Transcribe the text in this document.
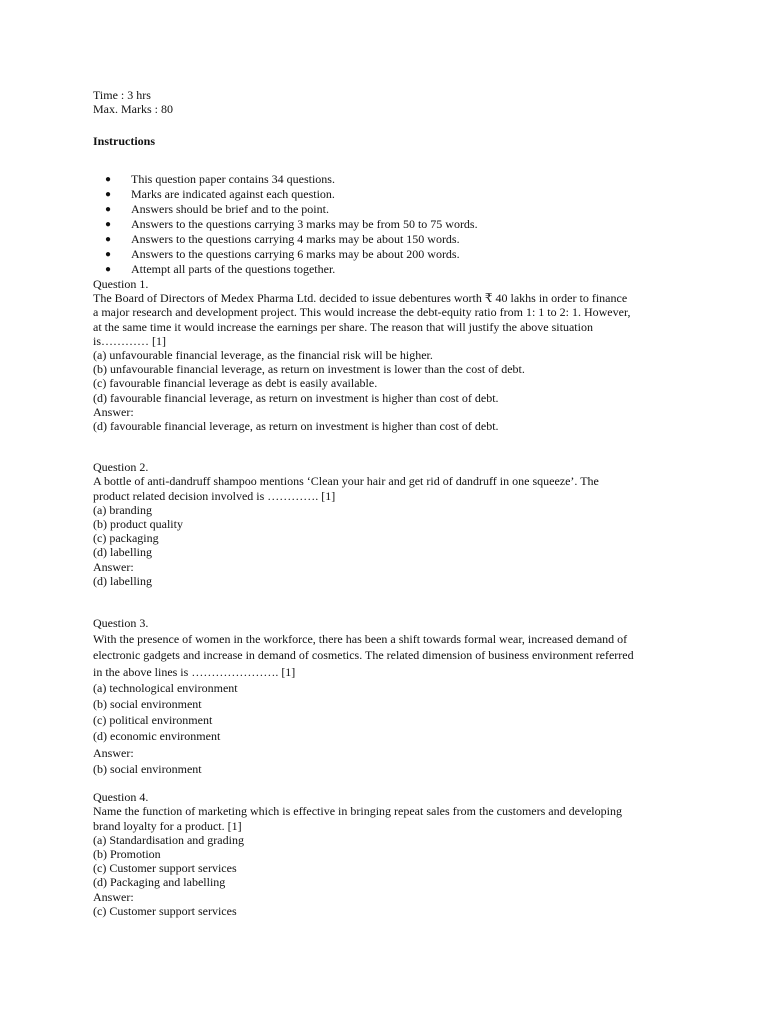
Time : 3 hrs
Max. Marks : 80
Instructions
● This question paper contains 34 questions.
● Marks are indicated against each question.
● Answers should be brief and to the point.
● Answers to the questions carrying 3 marks may be from 50 to 75 words.
● Answers to the questions carrying 4 marks may be about 150 words.
● Answers to the questions carrying 6 marks may be about 200 words.
● Attempt all parts of the questions together.
Question 1.
The Board of Directors of Medex Pharma Ltd. decided to issue debentures worth ₹ 40 lakhs in order to finance
a major research and development project. This would increase the debt-equity ratio from 1: 1 to 2: 1. However,
at the same time it would increase the earnings per share. The reason that will justify the above situation
is………… [1]
(a) unfavourable financial leverage, as the financial risk will be higher.
(b) unfavourable financial leverage, as return on investment is lower than the cost of debt.
(c) favourable financial leverage as debt is easily available.
(d) favourable financial leverage, as return on investment is higher than cost of debt.
Answer:
(d) favourable financial leverage, as return on investment is higher than cost of debt.
Question 2.
A bottle of anti-dandruff shampoo mentions ‘Clean your hair and get rid of dandruff in one squeeze’. The
product related decision involved is …………. [1]
(a) branding
(b) product quality
(c) packaging
(d) labelling
Answer:
(d) labelling
Question 3.
With the presence of women in the workforce, there has been a shift towards formal wear, increased demand of
electronic gadgets and increase in demand of cosmetics. The related dimension of business environment referred
in the above lines is …………………. [1]
(a) technological environment
(b) social environment
(c) political environment
(d) economic environment
Answer:
(b) social environment
Question 4.
Name the function of marketing which is effective in bringing repeat sales from the customers and developing
brand loyalty for a product. [1]
(a) Standardisation and grading
(b) Promotion
(c) Customer support services
(d) Packaging and labelling
Answer:
(c) Customer support services
